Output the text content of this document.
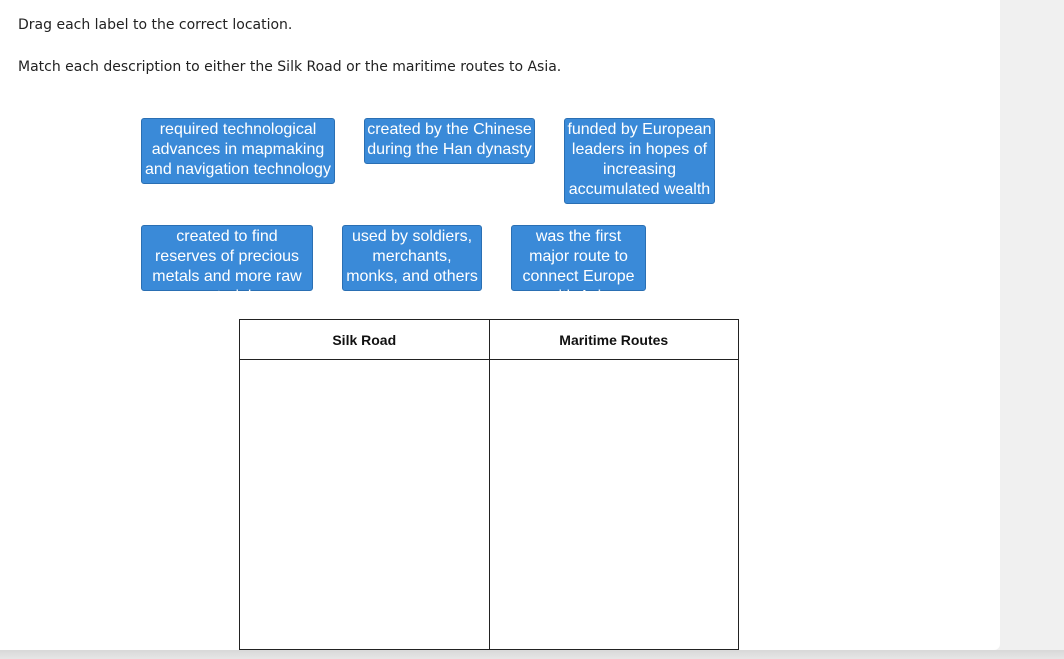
Drag each label to the correct location.

Match each description to either the Silk Road or the maritime routes to Asia.

required technological advances in mapmaking and navigation technology
created by the Chinese during the Han dynasty
funded by European leaders in hopes of increasing accumulated wealth
created to find reserves of precious metals and more raw materials
used by soldiers, merchants, monks, and others
was the first major route to connect Europe with Asia
Silk Road	Maritime Routes
